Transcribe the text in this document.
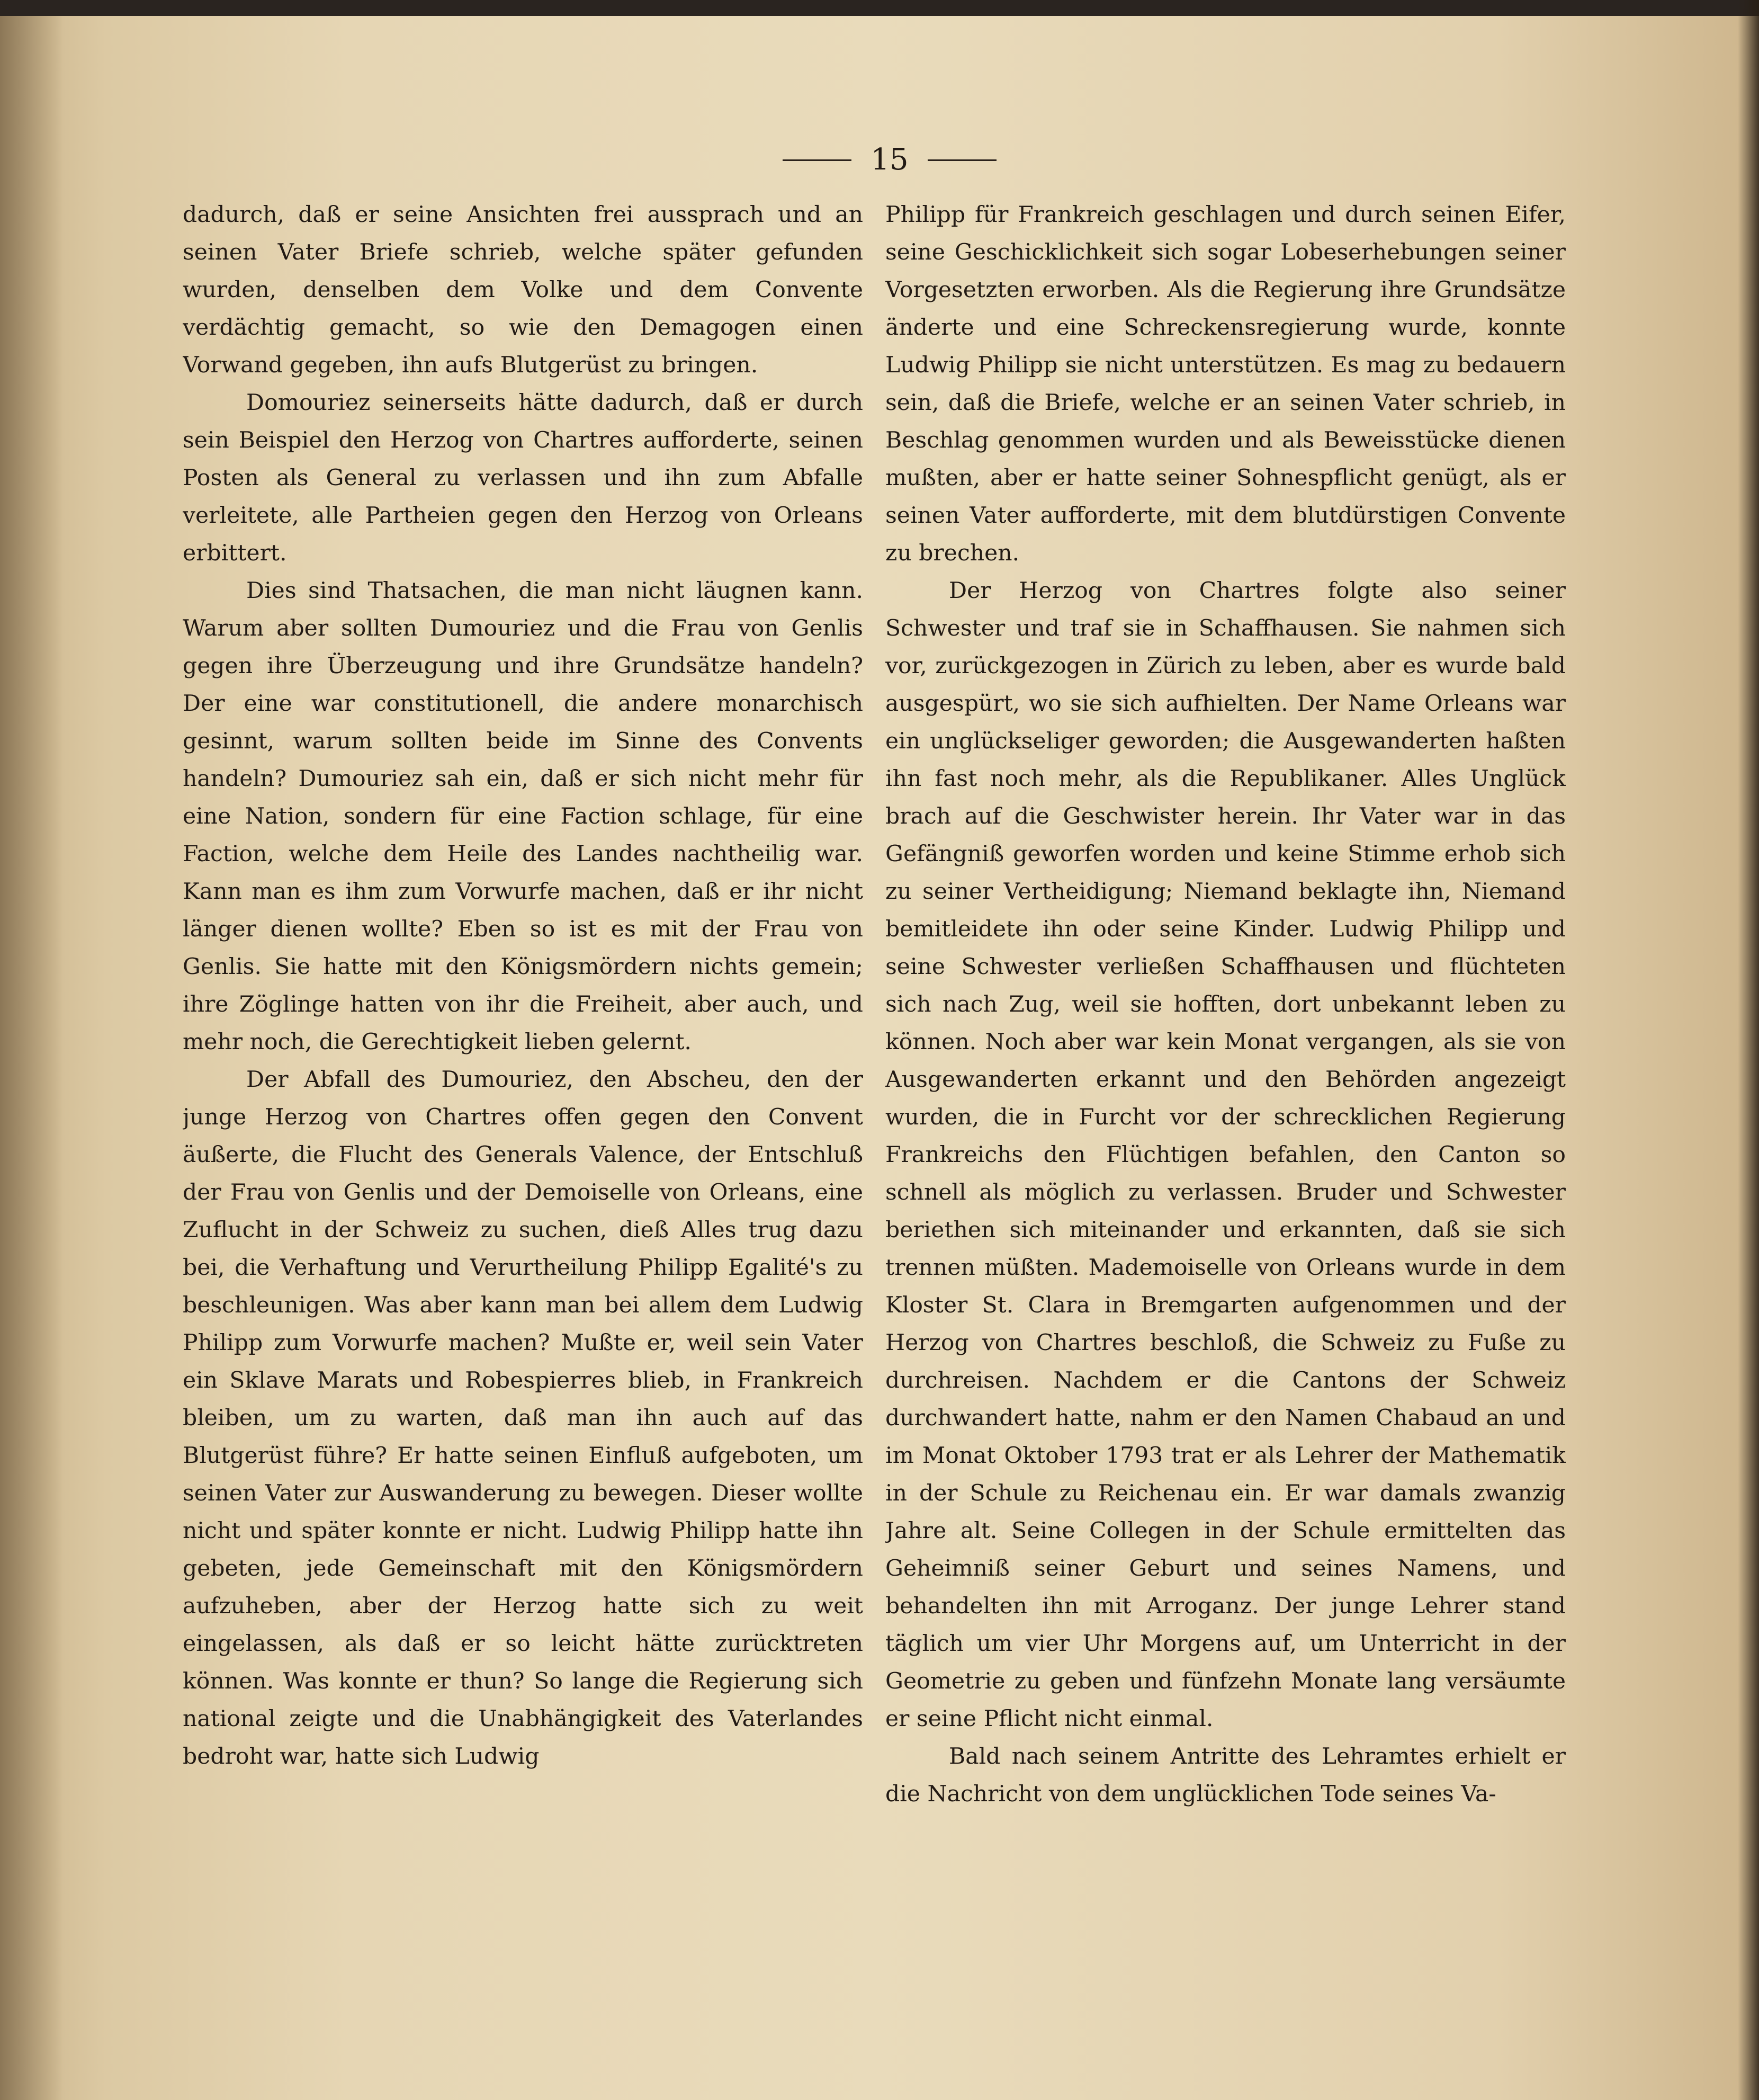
15

dadurch, daß er seine Ansichten frei aussprach und an seinen Vater Briefe schrieb, welche später gefunden wurden, denselben dem Volke und dem Convente verdächtig gemacht, so wie den Demagogen einen Vorwand gegeben, ihn aufs Blutgerüst zu bringen.

Domouriez seinerseits hätte dadurch, daß er durch sein Beispiel den Herzog von Chartres aufforderte, seinen Posten als General zu verlassen und ihn zum Abfalle verleitete, alle Partheien gegen den Herzog von Orleans erbittert.

Dies sind Thatsachen, die man nicht läugnen kann. Warum aber sollten Dumouriez und die Frau von Genlis gegen ihre Überzeugung und ihre Grundsätze handeln? Der eine war constitutionell, die andere monarchisch gesinnt, warum sollten beide im Sinne des Convents handeln? Dumouriez sah ein, daß er sich nicht mehr für eine Nation, sondern für eine Faction schlage, für eine Faction, welche dem Heile des Landes nachtheilig war. Kann man es ihm zum Vorwurfe machen, daß er ihr nicht länger dienen wollte? Eben so ist es mit der Frau von Genlis. Sie hatte mit den Königsmördern nichts gemein; ihre Zöglinge hatten von ihr die Freiheit, aber auch, und mehr noch, die Gerechtigkeit lieben gelernt.

Der Abfall des Dumouriez, den Abscheu, den der junge Herzog von Chartres offen gegen den Convent äußerte, die Flucht des Generals Valence, der Entschluß der Frau von Genlis und der Demoiselle von Orleans, eine Zuflucht in der Schweiz zu suchen, dieß Alles trug dazu bei, die Verhaftung und Verurtheilung Philipp Egalité's zu beschleunigen. Was aber kann man bei allem dem Ludwig Philipp zum Vorwurfe machen? Mußte er, weil sein Vater ein Sklave Marats und Robespierres blieb, in Frankreich bleiben, um zu warten, daß man ihn auch auf das Blutgerüst führe? Er hatte seinen Einfluß aufgeboten, um seinen Vater zur Auswanderung zu bewegen. Dieser wollte nicht und später konnte er nicht. Ludwig Philipp hatte ihn gebeten, jede Gemeinschaft mit den Königsmördern aufzuheben, aber der Herzog hatte sich zu weit eingelassen, als daß er so leicht hätte zurücktreten können. Was konnte er thun? So lange die Regierung sich national zeigte und die Unabhängigkeit des Vaterlandes bedroht war, hatte sich Ludwig

Philipp für Frankreich geschlagen und durch seinen Eifer, seine Geschicklichkeit sich sogar Lobeserhebungen seiner Vorgesetzten erworben. Als die Regierung ihre Grundsätze änderte und eine Schreckensregierung wurde, konnte Ludwig Philipp sie nicht unterstützen. Es mag zu bedauern sein, daß die Briefe, welche er an seinen Vater schrieb, in Beschlag genommen wurden und als Beweisstücke dienen mußten, aber er hatte seiner Sohnespflicht genügt, als er seinen Vater aufforderte, mit dem blutdürstigen Convente zu brechen.

Der Herzog von Chartres folgte also seiner Schwester und traf sie in Schaffhausen. Sie nahmen sich vor, zurückgezogen in Zürich zu leben, aber es wurde bald ausgespürt, wo sie sich aufhielten. Der Name Orleans war ein unglückseliger geworden; die Ausgewanderten haßten ihn fast noch mehr, als die Republikaner. Alles Unglück brach auf die Geschwister herein. Ihr Vater war in das Gefängniß geworfen worden und keine Stimme erhob sich zu seiner Vertheidigung; Niemand beklagte ihn, Niemand bemitleidete ihn oder seine Kinder. Ludwig Philipp und seine Schwester verließen Schaffhausen und flüchteten sich nach Zug, weil sie hofften, dort unbekannt leben zu können. Noch aber war kein Monat vergangen, als sie von Ausgewanderten erkannt und den Behörden angezeigt wurden, die in Furcht vor der schrecklichen Regierung Frankreichs den Flüchtigen befahlen, den Canton so schnell als möglich zu verlassen. Bruder und Schwester beriethen sich miteinander und erkannten, daß sie sich trennen müßten. Mademoiselle von Orleans wurde in dem Kloster St. Clara in Bremgarten aufgenommen und der Herzog von Chartres beschloß, die Schweiz zu Fuße zu durchreisen. Nachdem er die Cantons der Schweiz durchwandert hatte, nahm er den Namen Chabaud an und im Monat Oktober 1793 trat er als Lehrer der Mathematik in der Schule zu Reichenau ein. Er war damals zwanzig Jahre alt. Seine Collegen in der Schule ermittelten das Geheimniß seiner Geburt und seines Namens, und behandelten ihn mit Arroganz. Der junge Lehrer stand täglich um vier Uhr Morgens auf, um Unterricht in der Geometrie zu geben und fünfzehn Monate lang versäumte er seine Pflicht nicht einmal.

Bald nach seinem Antritte des Lehramtes erhielt er die Nachricht von dem unglücklichen Tode seines Va-
